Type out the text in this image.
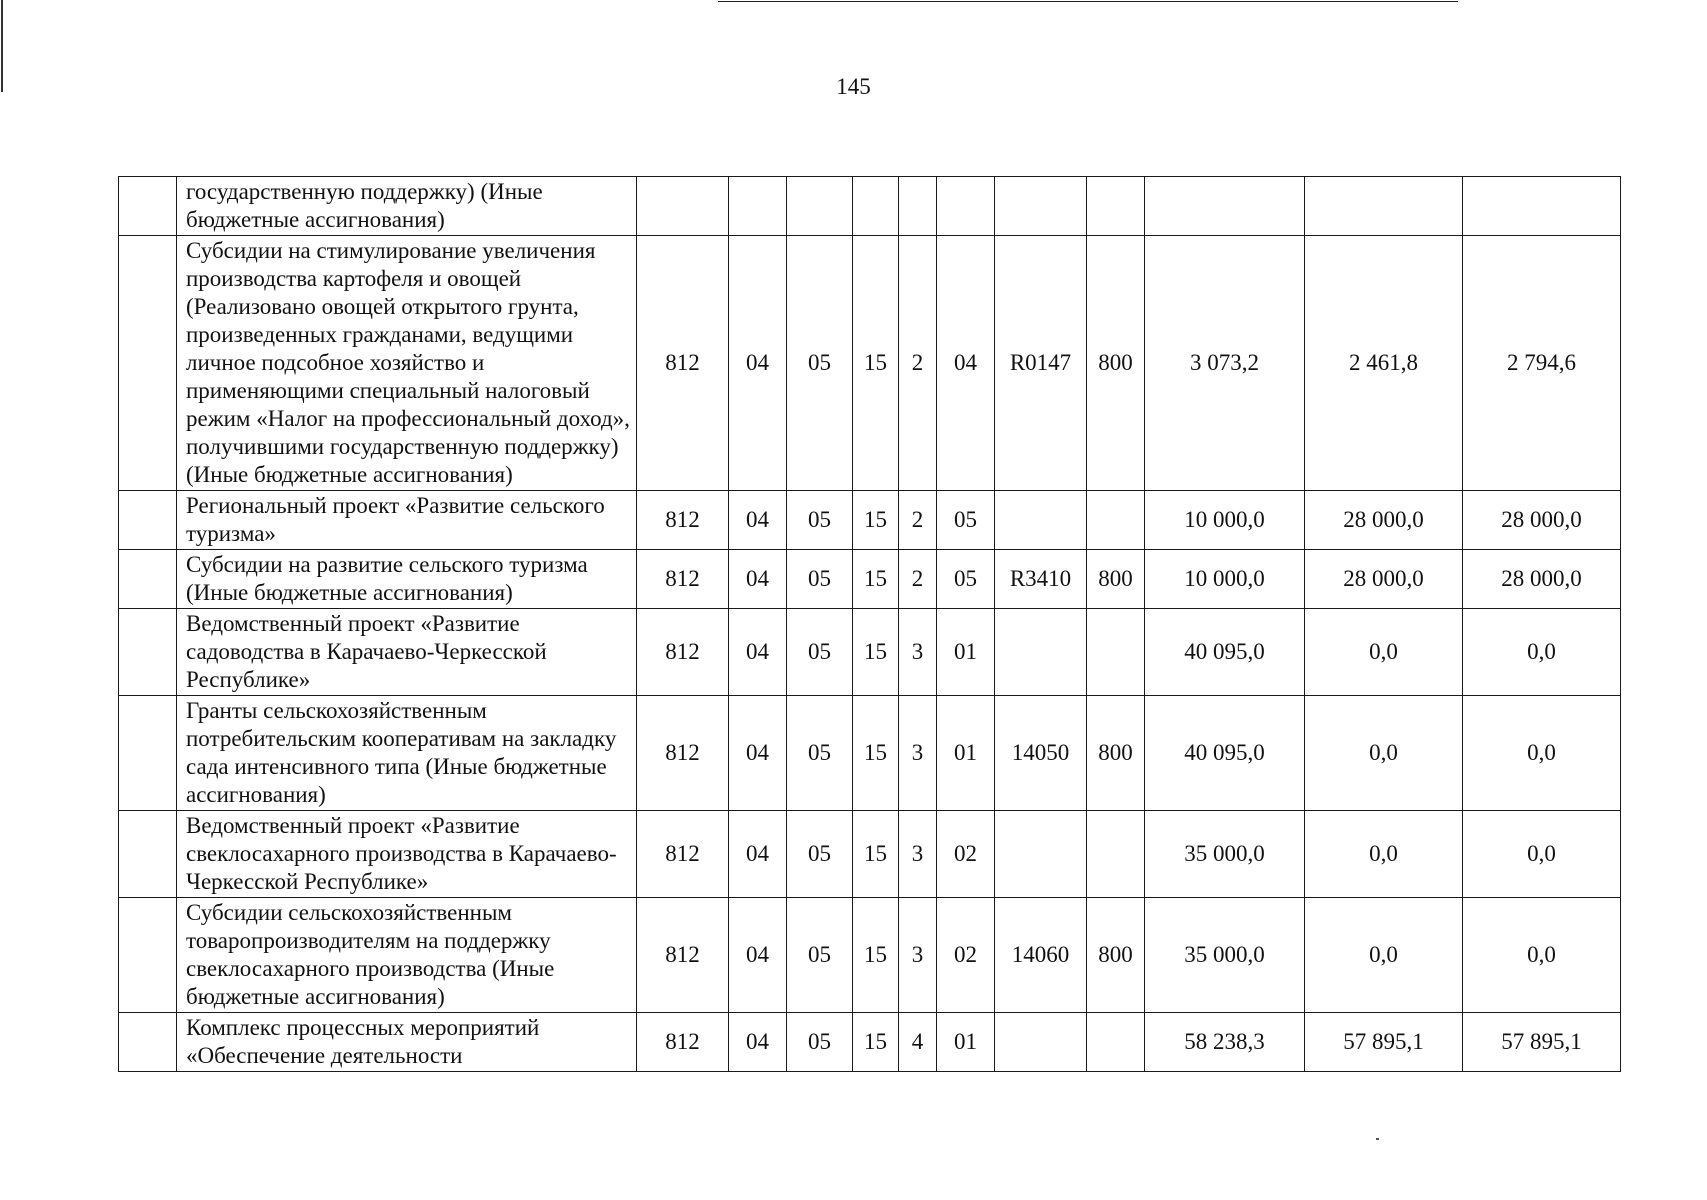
145
	государственную поддержку) (Иные бюджетные ассигнования)											
	Субсидии на стимулирование увеличения производства картофеля и овощей (Реализовано овощей открытого грунта, произведенных гражданами, ведущими личное подсобное хозяйство и применяющими специальный налоговый режим «Налог на профессиональный доход», получившими государственную поддержку) (Иные бюджетные ассигнования)	812	04	05	15	2	04	R0147	800	3 073,2	2 461,8	2 794,6
	Региональный проект «Развитие сельского туризма»	812	04	05	15	2	05			10 000,0	28 000,0	28 000,0
	Субсидии на развитие сельского туризма (Иные бюджетные ассигнования)	812	04	05	15	2	05	R3410	800	10 000,0	28 000,0	28 000,0
	Ведомственный проект «Развитие садоводства в Карачаево-Черкесской Республике»	812	04	05	15	3	01			40 095,0	0,0	0,0
	Гранты сельскохозяйственным потребительским кооперативам на закладку сада интенсивного типа (Иные бюджетные ассигнования)	812	04	05	15	3	01	14050	800	40 095,0	0,0	0,0
	Ведомственный проект «Развитие свеклосахарного производства в Карачаево-Черкесской Республике»	812	04	05	15	3	02			35 000,0	0,0	0,0
	Субсидии сельскохозяйственным товаропроизводителям на поддержку свеклосахарного производства (Иные бюджетные ассигнования)	812	04	05	15	3	02	14060	800	35 000,0	0,0	0,0
	Комплекс процессных мероприятий «Обеспечение деятельности	812	04	05	15	4	01			58 238,3	57 895,1	57 895,1
